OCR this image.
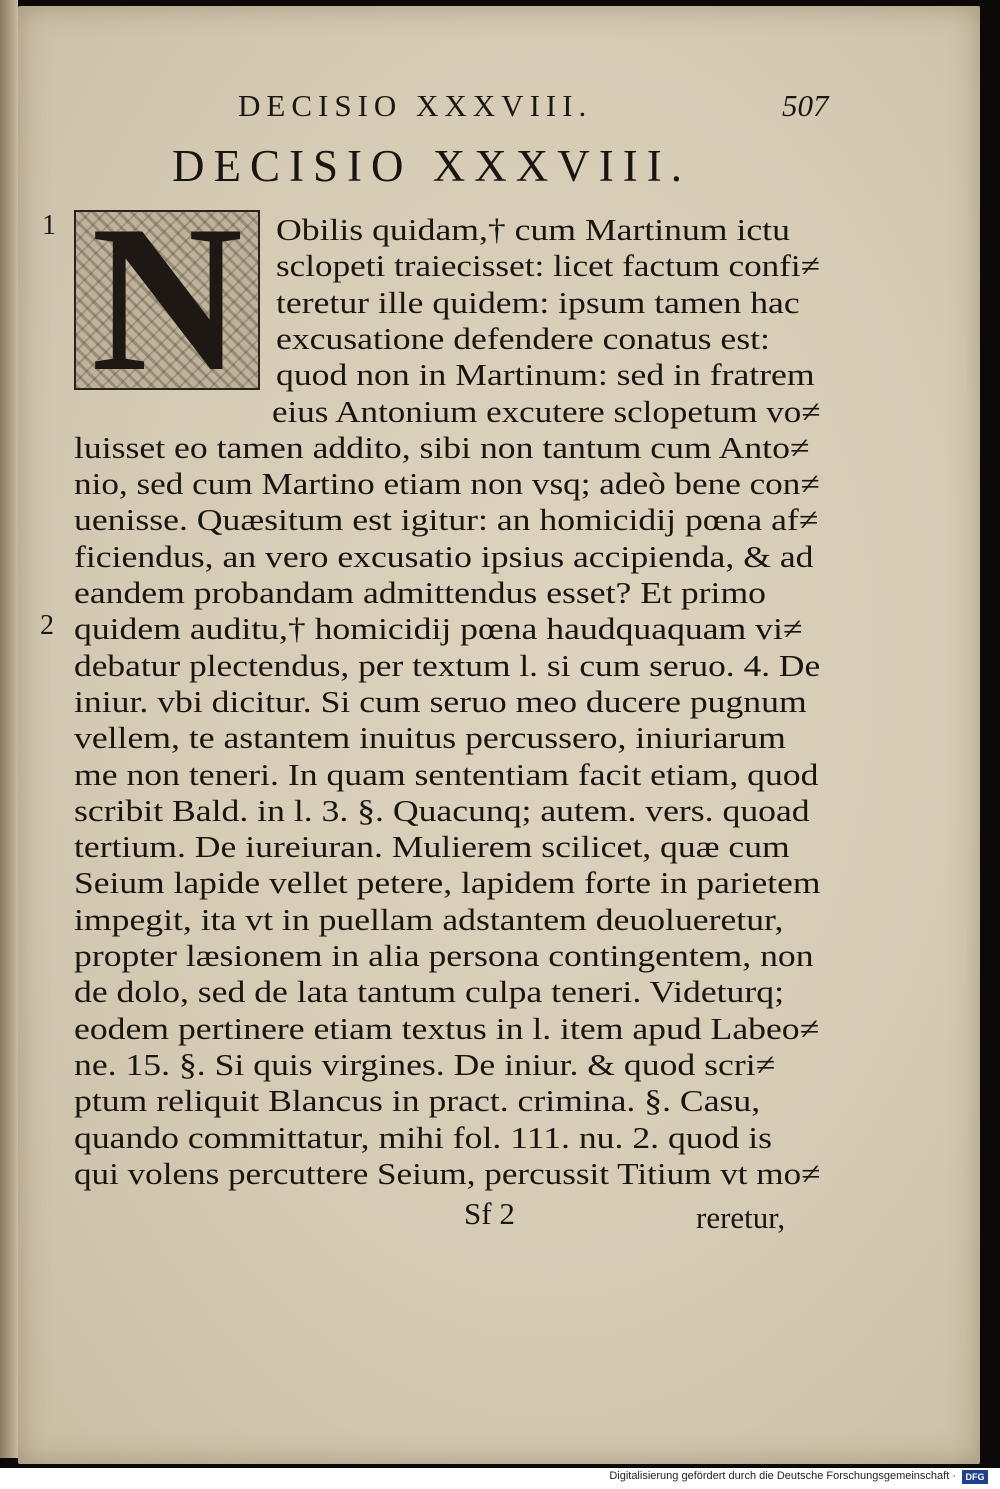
DECISIO XXXVIII.	507
DECISIO XXXVIII.
1
2
N	Obilis quidam,† cum Martinum ictu
sclopeti traiecisset: licet factum confi≠
teretur ille quidem: ipsum tamen hac
excusatione defendere conatus est:
quod non in Martinum: sed in fratrem
eius Antonium excutere sclopetum vo≠
luisset eo tamen addito, sibi non tantum cum Anto≠
nio, sed cum Martino etiam non vsq; adeò bene con≠
uenisse. Quæsitum est igitur: an homicidij pœna af≠
ficiendus, an vero excusatio ipsius accipienda, & ad
eandem probandam admittendus esset? Et primo
quidem auditu,† homicidij pœna haudquaquam vi≠
debatur plectendus, per textum l. si cum seruo. 4. De
iniur. vbi dicitur. Si cum seruo meo ducere pugnum
vellem, te astantem inuitus percussero, iniuriarum
me non teneri. In quam sententiam facit etiam, quod
scribit Bald. in l. 3. §. Quacunq; autem. vers. quoad
tertium. De iureiuran. Mulierem scilicet, quæ cum
Seium lapide vellet petere, lapidem forte in parietem
impegit, ita vt in puellam adstantem deuolueretur,
propter læsionem in alia persona contingentem, non
de dolo, sed de lata tantum culpa teneri. Videturq;
eodem pertinere etiam textus in l. item apud Labeo≠
ne. 15. §. Si quis virgines. De iniur. & quod scri≠
ptum reliquit Blancus in pract. crimina. §. Casu,
quando committatur, mihi fol. 111. nu. 2. quod is
qui volens percuttere Seium, percussit Titium vt mo≠
Sf 2	reretur,
Digitalisierung gefördert durch die Deutsche Forschungsgemeinschaft ·	DFG
